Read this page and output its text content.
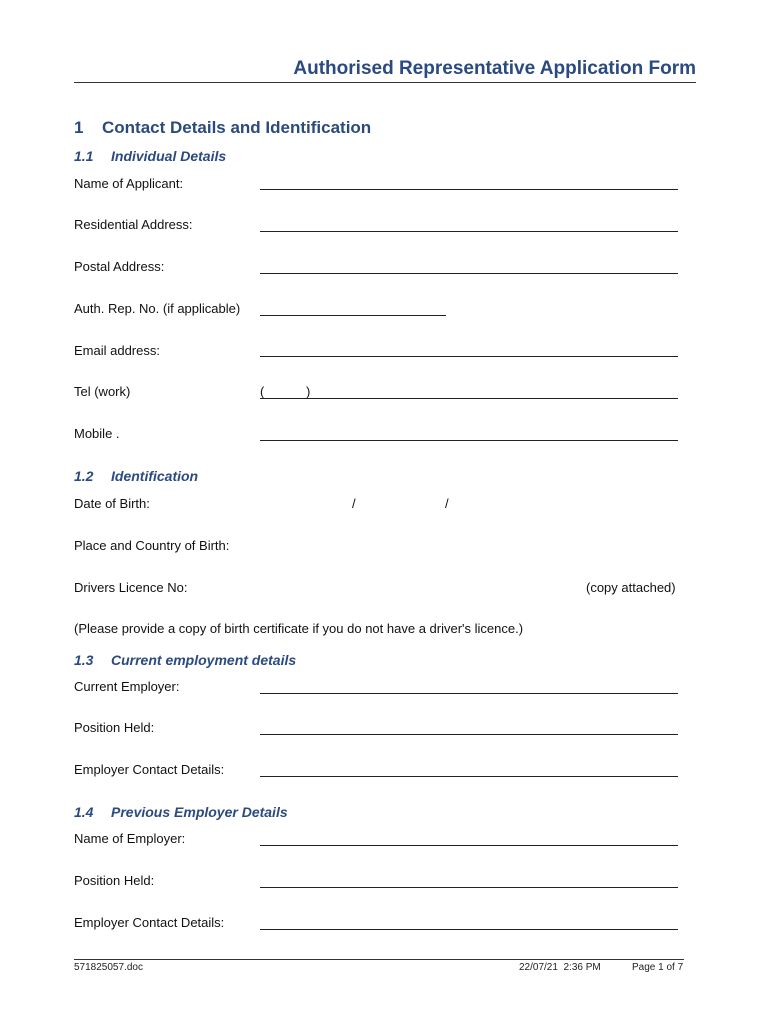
Authorised Representative Application Form
1 Contact Details and Identification
1.1 Individual Details
Name of Applicant:
Residential Address:
Postal Address:
Auth. Rep. No. (if applicable)
Email address:
Tel (work)	(	)
Mobile .
1.2 Identification
Date of Birth:	/	/
Place and Country of Birth:
Drivers Licence No:	(copy attached)
(Please provide a copy of birth certificate if you do not have a driver's licence.)
1.3 Current employment details
Current Employer:
Position Held:
Employer Contact Details:
1.4 Previous Employer Details
Name of Employer:
Position Held:
Employer Contact Details:
571825057.doc	22/07/21  2:36 PM	Page 1 of 7
